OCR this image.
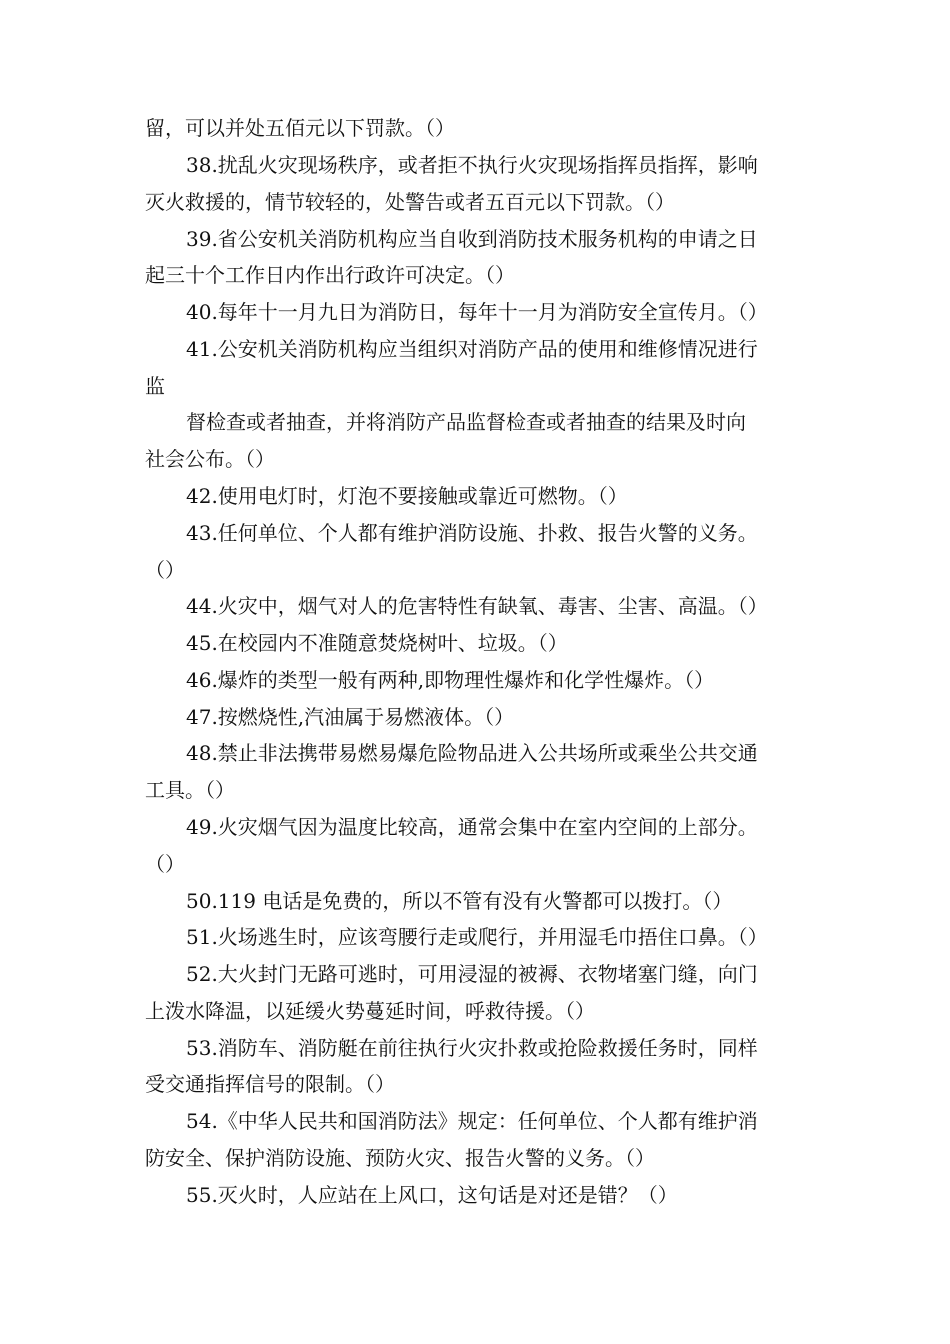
留，可以并处五佰元以下罚款。（）
38.扰乱火灾现场秩序，或者拒不执行火灾现场指挥员指挥，影响
灭火救援的，情节较轻的，处警告或者五百元以下罚款。（）
39.省公安机关消防机构应当自收到消防技术服务机构的申请之日
起三十个工作日内作出行政许可决定。（）
40.每年十一月九日为消防日，每年十一月为消防安全宣传月。（）
41.公安机关消防机构应当组织对消防产品的使用和维修情况进行
监
督检查或者抽查，并将消防产品监督检查或者抽查的结果及时向
社会公布。（）
42.使用电灯时，灯泡不要接触或靠近可燃物。（）
43.任何单位、个人都有维护消防设施、扑救、报告火警的义务。
（）
44.火灾中，烟气对人的危害特性有缺氧、毒害、尘害、高温。（）
45.在校园内不准随意焚烧树叶、垃圾。（）
46.爆炸的类型一般有两种,即物理性爆炸和化学性爆炸。（）
47.按燃烧性,汽油属于易燃液体。（）
48.禁止非法携带易燃易爆危险物品进入公共场所或乘坐公共交通
工具。（）
49.火灾烟气因为温度比较高，通常会集中在室内空间的上部分。
（）
50.119 电话是免费的，所以不管有没有火警都可以拨打。（）
51.火场逃生时，应该弯腰行走或爬行，并用湿毛巾捂住口鼻。（）
52.大火封门无路可逃时，可用浸湿的被褥、衣物堵塞门缝，向门
上泼水降温，以延缓火势蔓延时间，呼救待援。（）
53.消防车、消防艇在前往执行火灾扑救或抢险救援任务时，同样
受交通指挥信号的限制。（）
54.《中华人民共和国消防法》规定：任何单位、个人都有维护消
防安全、保护消防设施、预防火灾、报告火警的义务。（）
55.灭火时，人应站在上风口，这句话是对还是错？（）
